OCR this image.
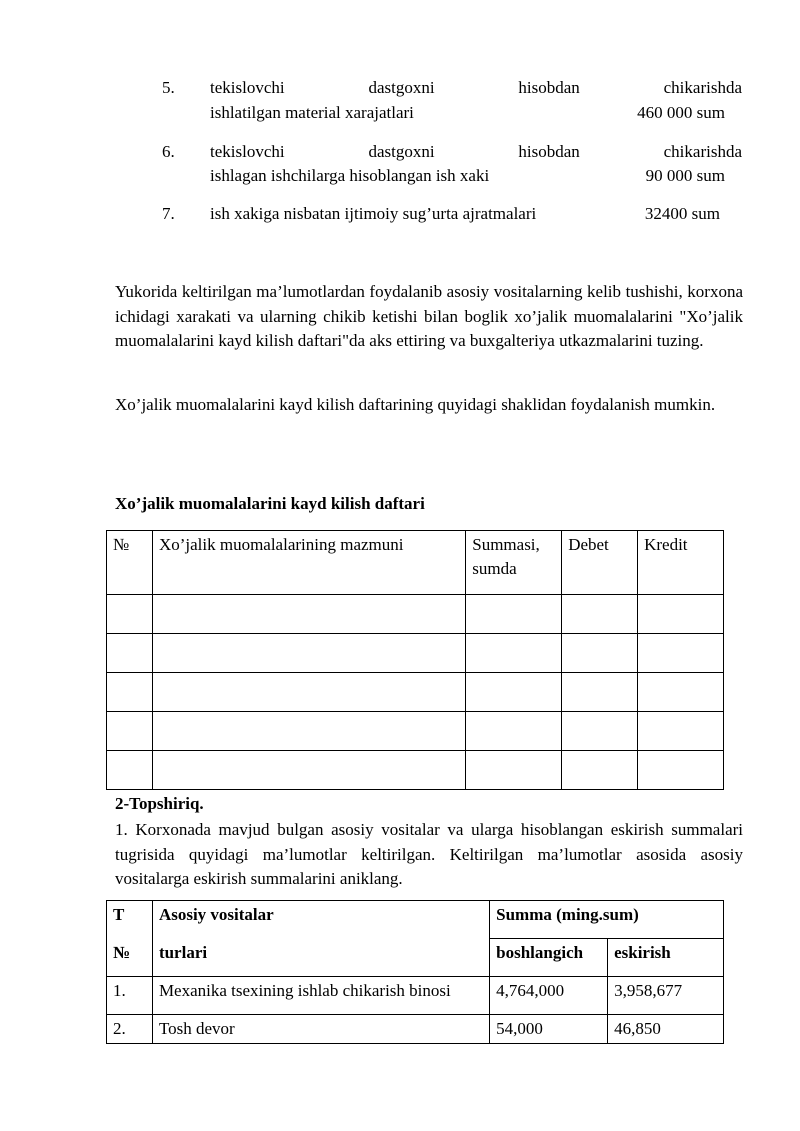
5. tekislovchi dastgoxni hisobdan chikarishda
ishlatilgan material xarajatlari	460 000 sum
6. tekislovchi dastgoxni hisobdan chikarishda
ishlagan ishchilarga hisoblangan ish xaki	90 000 sum
7. ish xakiga nisbatan ijtimoiy sug’urta ajratmalari	32400 sum
Yukorida keltirilgan ma’lumotlardan foydalanib asosiy vositalarning kelib tushishi, korxona ichidagi xarakati va ularning chikib ketishi bilan boglik xo’jalik muomalalarini "Xo’jalik muomalalarini kayd kilish daftari"da aks ettiring va buxgalteriya utkazmalarini tuzing.
Xo’jalik muomalalarini kayd kilish daftarining quyidagi shaklidan foydalanish mumkin.
Xo’jalik muomalalarini kayd kilish daftari
№	Xo’jalik muomalalarining mazmuni	Summasi, sumda	Debet	Kredit

2-Topshiriq.
1. Korxonada mavjud bulgan asosiy vositalar va ularga hisoblangan eskirish summalari tugrisida quyidagi ma’lumotlar keltirilgan. Keltirilgan ma’lumotlar asosida asosiy vositalarga eskirish summalarini aniklang.
T	Asosiy vositalar	Summa (ming.sum)	
№	turlari	boshlangich	eskirish
1.	Mexanika tsexining ishlab chikarish binosi	4,764,000	3,958,677
2.	Tosh devor	54,000	46,850
